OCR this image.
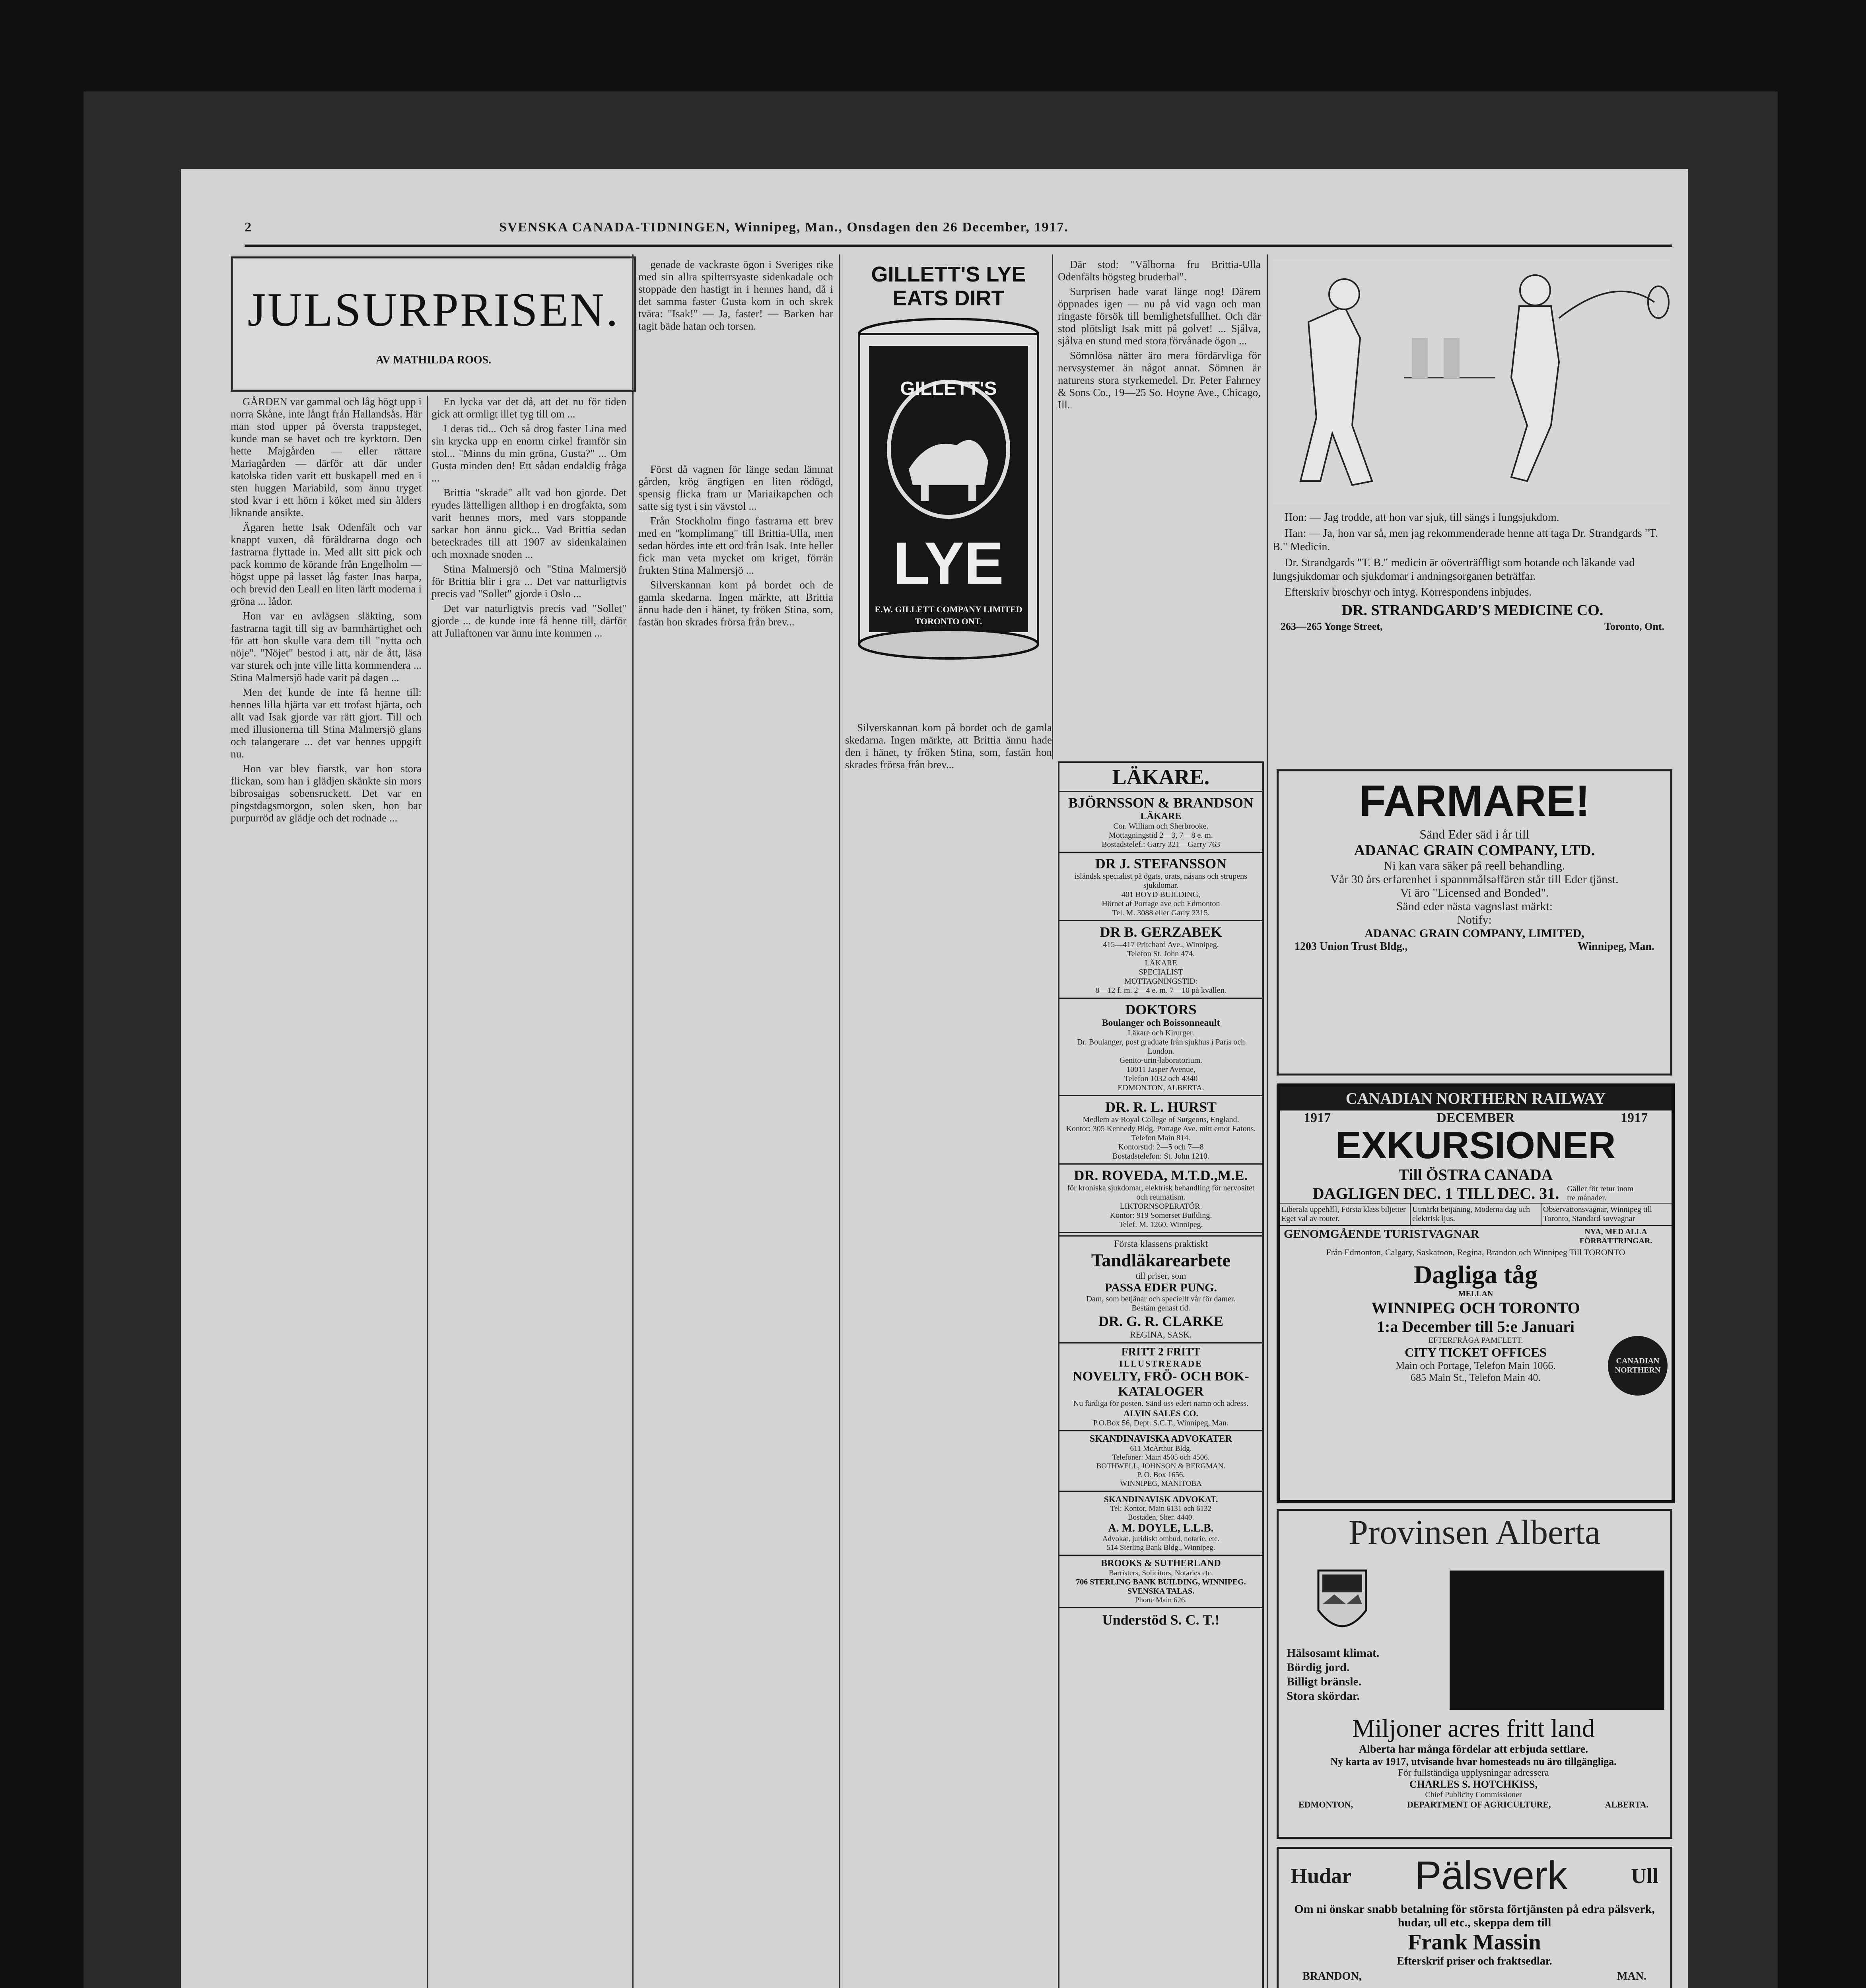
2	SVENSKA CANADA-TIDNINGEN, Winnipeg, Man., Onsdagen den 26 December, 1917.
JULSURPRISEN.
AV MATHILDA ROOS.

GÅRDEN var gammal och låg högt upp i norra Skåne, inte långt från Hallandsås. Här man stod upper på översta trappsteget, kunde man se havet och tre kyrktorn. Den hette Majgården — eller rättare Mariagården — därför att där under katolska tiden varit ett buskapell med en i sten huggen Mariabild, som ännu tryget stod kvar i ett hörn i köket med sin ålders liknande ansikte.

Ägaren hette Isak Odenfält och var knappt vuxen, då föräldrarna dogo och fastrarna flyttade in. Med allt sitt pick och pack kommo de körande från Engelholm — högst uppe på lasset låg faster Inas harpa, och brevid den Leall en liten lärft moderna i gröna ... lådor.

Hon var en avlägsen släkting, som fastrarna tagit till sig av barmhärtighet och för att hon skulle vara dem till "nytta och nöje". "Nöjet" bestod i att, när de ått, läsa var sturek och jnte ville litta kommendera ... Stina Malmersjö hade varit på dagen ...

Men det kunde de inte få henne till: hennes lilla hjärta var ett trofast hjärta, och allt vad Isak gjorde var rätt gjort. Till och med illusionerna till Stina Malmersjö glans och talangerare ... det var hennes uppgift nu.

Hon var blev fiarstk, var hon stora flickan, som han i glädjen skänkte sin mors bibrosaigas sobensruckett. Det var en pingstdagsmorgon, solen sken, hon bar purpurröd av glädje och det rodnade ...

En lycka var det då, att det nu för tiden gick att ormligt illet tyg till om ...

I deras tid... Och så drog faster Lina med sin krycka upp en enorm cirkel framför sin stol... "Minns du min gröna, Gusta?" ... Om Gusta minden den! Ett sådan endaldig fråga ...

Brittia "skrade" allt vad hon gjorde. Det ryndes lättelligen allthop i en drogfakta, som varit hennes mors, med vars stoppande sarkar hon ännu gick... Vad Brittia sedan beteckrades till att 1907 av sidenkalainen och moxnade snoden ...

Stina Malmersjö och "Stina Malmersjö för Brittia blir i gra ... Det var natturligtvis precis vad "Sollet" gjorde i Oslo ...

Det var naturligtvis precis vad "Sollet" gjorde ... de kunde inte få henne till, därför att Jullaftonen var ännu inte kommen ...

genade de vackraste ögon i Sveriges rike med sin allra spilterrsyaste sidenkadale och stoppade den hastigt in i hennes hand, då i det samma faster Gusta kom in och skrek tvära: "Isak!" — Ja, faster! — Barken har tagit bäde hatan och torsen.

Först då vagnen för länge sedan lämnat gården, krög ängtigen en liten rödögd, spensig flicka fram ur Mariaikapchen och satte sig tyst i sin vävstol ...

Från Stockholm fingo fastrarna ett brev med en "komplimang" till Brittia-Ulla, men sedan hördes inte ett ord från Isak. Inte heller fick man veta mycket om kriget, förrän frukten Stina Malmersjö ...

Silverskannan kom på bordet och de gamla skedarna. Ingen märkte, att Brittia ännu hade den i hänet, ty fröken Stina, som, fastän hon skrades frörsa från brev...

GILLETT'S LYE EATS DIRT
GILLETT'S
LYE
E.W. GILLETT COMPANY LIMITED
TORONTO ONT.

Silverskannan kom på bordet och de gamla skedarna. Ingen märkte, att Brittia ännu hade den i hänet, ty fröken Stina, som, fastän hon skrades frörsa från brev...

Där stod: "Välborna fru Brittia-Ulla Odenfälts högsteg bruderbal".

Surprisen hade varat länge nog! Därem öppnades igen — nu på vid vagn och man ringaste försök till bemlighetsfullhet. Och där stod plötsligt Isak mitt på golvet! ... Sjålva, sjålva en stund med stora förvånade ögon ...

Sömnlösa nätter äro mera fördärvliga för nervsystemet än något annat. Sömnen är naturens stora styrkemedel. Dr. Peter Fahrney & Sons Co., 19—25 So. Hoyne Ave., Chicago, Ill.

LÄKARE.
BJÖRNSSON & BRANDSON
LÄKARE
Cor. William och Sherbrooke.
Mottagningstid 2—3, 7—8 e. m.
Bostadstelef.: Garry 321—Garry 763
DR J. STEFANSSON
isländsk specialist på ögats, örats, näsans och strupens sjukdomar.
401 BOYD BUILDING,
Hörnet af Portage ave och Edmonton
Tel. M. 3088 eller Garry 2315.
DR B. GERZABEK
415—417 Pritchard Ave., Winnipeg.
Telefon St. John 474.
LÄKARE
SPECIALIST
MOTTAGNINGSTID:
8—12 f. m. 2—4 e. m. 7—10 på kvällen.
DOKTORS
Boulanger och Boissonneault
Läkare och Kirurger.
Dr. Boulanger, post graduate från sjukhus i Paris och London.
Genito-urin-laboratorium.
10011 Jasper Avenue,
Telefon 1032 och 4340
EDMONTON, ALBERTA.
DR. R. L. HURST
Medlem av Royal College of Surgeons, England.
Kontor: 305 Kennedy Bldg. Portage Ave. mitt emot Eatons. Telefon Main 814.
Kontorstid: 2—5 och 7—8
Bostadstelefon: St. John 1210.
DR. ROVEDA, M.T.D.,M.E.
för kroniska sjukdomar, elektrisk behandling för nervositet och reumatism.
LIKTORNSOPERATÖR.
Kontor: 919 Somerset Building.
Telef. M. 1260. Winnipeg.
Första klassens praktiskt
Tandläkarearbete
till priser, som
PASSA EDER PUNG.
Dam, som betjänar och speciellt vår för damer.
Bestäm genast tid.
DR. G. R. CLARKE
REGINA, SASK.
FRITT 2 FRITT
ILLUSTRERADE
NOVELTY, FRÖ- OCH BOK-KATALOGER
Nu färdiga för posten. Sänd oss edert namn och adress.
ALVIN SALES CO.
P.O.Box 56, Dept. S.C.T., Winnipeg, Man.
SKANDINAVISKA ADVOKATER
611 McArthur Bldg.
Telefoner: Main 4505 och 4506.
BOTHWELL, JOHNSON & BERGMAN.
P. O. Box 1656.
WINNIPEG, MANITOBA
SKANDINAVISK ADVOKAT.
Tel: Kontor, Main 6131 och 6132
Bostaden, Sher. 4440.
A. M. DOYLE, L.L.B.
Advokat, juridiskt ombud, notarie, etc.
514 Sterling Bank Bldg., Winnipeg.
BROOKS & SUTHERLAND
Barristers, Solicitors, Notaries etc.
706 STERLING BANK BUILDING, WINNIPEG.
SVENSKA TALAS.
Phone Main 626.
Understöd S. C. T.!

Hon: — Jag trodde, att hon var sjuk, till sängs i lungsjukdom.

Han: — Ja, hon var så, men jag rekommenderade henne att taga Dr. Strandgards "T. B." Medicin.

Dr. Strandgards "T. B." medicin är oöverträffligt som botande och läkande vad lungsjukdomar och sjukdomar i andningsorganen beträffar.

Efterskriv broschyr och intyg. Korrespondens inbjudes.

DR. STRANDGARD'S MEDICINE CO.
263—265 Yonge Street,	Toronto, Ont.
FARMARE!
Sänd Eder säd i år till
ADANAC GRAIN COMPANY, LTD.
Ni kan vara säker på reell behandling.
Vår 30 års erfarenhet i spannmålsaffären står till Eder tjänst.
Vi äro "Licensed and Bonded".
Sänd eder nästa vagnslast märkt:
Notify:
ADANAC GRAIN COMPANY, LIMITED,
1203 Union Trust Bldg.,	Winnipeg, Man.
CANADIAN NORTHERN RAILWAY
1917	DECEMBER	1917
EXKURSIONER
Till ÖSTRA CANADA
DAGLIGEN DEC. 1 TILL DEC. 31. Gäller för retur inom tre månader.
Liberala uppehåll, Första klass biljetter Eget val av router.
Utmärkt betjäning, Moderna dag och elektrisk ljus.
Observationsvagnar, Winnipeg till Toronto, Standard sovvagnar
GENOMGÅENDE TURISTVAGNAR	NYA, MED ALLA FÖRBÄTTRINGAR.
Från Edmonton, Calgary, Saskatoon, Regina, Brandon och Winnipeg Till TORONTO
Dagliga tåg
MELLAN
WINNIPEG OCH TORONTO
1:a December till 5:e Januari
EFTERFRÅGA PAMFLETT.
CITY TICKET OFFICES
Main och Portage, Telefon Main 1066.
685 Main St., Telefon Main 40.
CANADIAN NORTHERN
Provinsen Alberta
Hälsosamt klimat.
Bördig jord.
Billigt bränsle.
Stora skördar.
Miljoner acres fritt land
Alberta har många fördelar att erbjuda settlare.
Ny karta av 1917, utvisande hvar homesteads nu äro tillgängliga.
För fullständiga upplysningar adressera
CHARLES S. HOTCHKISS,
Chief Publicity Commissioner
EDMONTON,	DEPARTMENT OF AGRICULTURE,	ALBERTA.
Hudar Pälsverk	Ull
Om ni önskar snabb betalning för största förtjänsten på edra pälsverk, hudar, ull etc., skeppa dem till
Frank Massin
Efterskrif priser och fraktsedlar.
BRANDON,	MAN.
